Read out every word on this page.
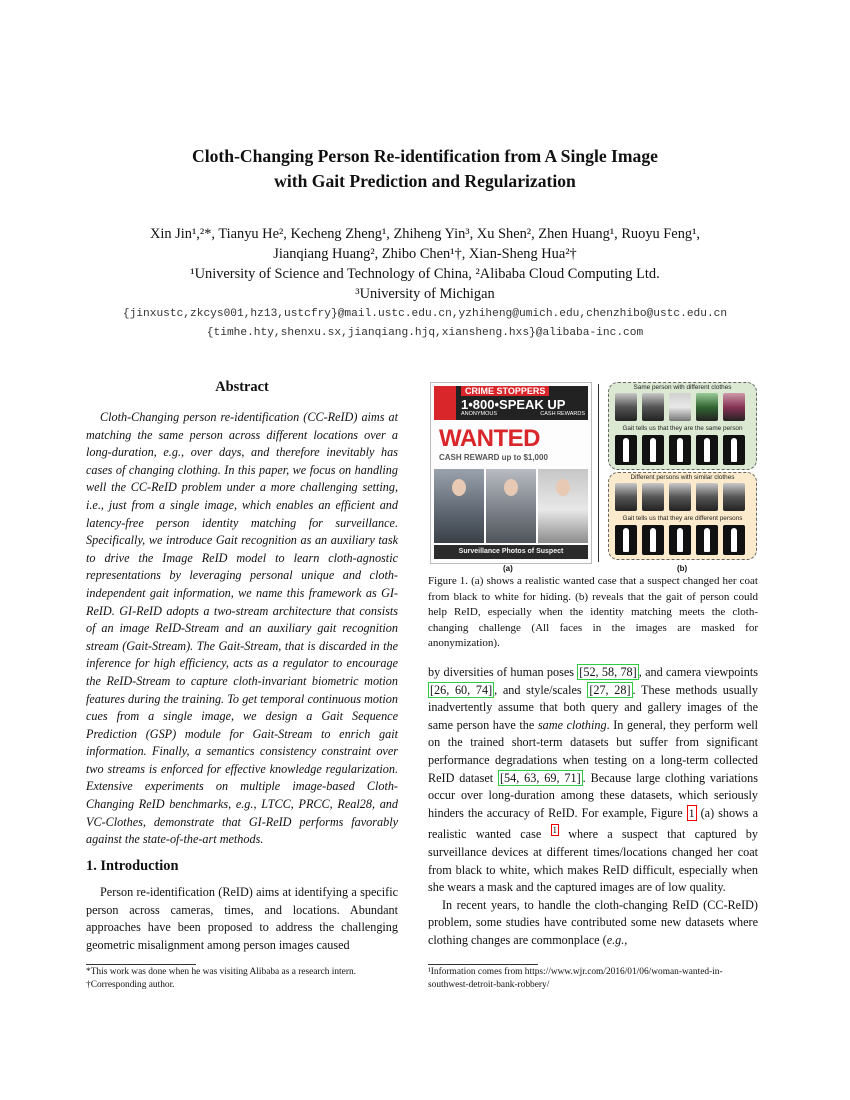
Cloth-Changing Person Re-identification from A Single Image
with Gait Prediction and Regularization
Xin Jin¹,²*, Tianyu He², Kecheng Zheng¹, Zhiheng Yin³, Xu Shen², Zhen Huang¹, Ruoyu Feng¹,
Jianqiang Huang², Zhibo Chen¹†, Xian-Sheng Hua²†
¹University of Science and Technology of China, ²Alibaba Cloud Computing Ltd.
³University of Michigan
{jinxustc,zkcys001,hz13,ustcfry}@mail.ustc.edu.cn,yzhiheng@umich.edu,chenzhibo@ustc.edu.cn
{timhe.hty,shenxu.sx,jianqiang.hjq,xiansheng.hxs}@alibaba-inc.com
Abstract
Cloth-Changing person re-identification (CC-ReID) aims at matching the same person across different locations over a long-duration, e.g., over days, and therefore inevitably has cases of changing clothing. In this paper, we focus on handling well the CC-ReID problem under a more challenging setting, i.e., just from a single image, which enables an efficient and latency-free person identity matching for surveillance. Specifically, we introduce Gait recognition as an auxiliary task to drive the Image ReID model to learn cloth-agnostic representations by leveraging personal unique and cloth-independent gait information, we name this framework as GI-ReID. GI-ReID adopts a two-stream architecture that consists of an image ReID-Stream and an auxiliary gait recognition stream (Gait-Stream). The Gait-Stream, that is discarded in the inference for high efficiency, acts as a regulator to encourage the ReID-Stream to capture cloth-invariant biometric motion features during the training. To get temporal continuous motion cues from a single image, we design a Gait Sequence Prediction (GSP) module for Gait-Stream to enrich gait information. Finally, a semantics consistency constraint over two streams is enforced for effective knowledge regularization. Extensive experiments on multiple image-based Cloth-Changing ReID benchmarks, e.g., LTCC, PRCC, Real28, and VC-Clothes, demonstrate that GI-ReID performs favorably against the state-of-the-art methods.
1. Introduction
Person re-identification (ReID) aims at identifying a specific person across cameras, times, and locations. Abundant approaches have been proposed to address the challenging geometric misalignment among person images caused
*This work was done when he was visiting Alibaba as a research intern.
†Corresponding author.
CRIME STOPPERS
1•800•SPEAK UP
ANONYMOUS	CASH REWARDS
WANTED
CASH REWARD up to $1,000
Surveillance Photos of Suspect
(a)
Same person with different clothes
Gait tells us that they are the same person
Different persons with similar clothes
Gait tells us that they are different persons
(b)
Figure 1. (a) shows a realistic wanted case that a suspect changed her coat from black to white for hiding. (b) reveals that the gait of person could help ReID, especially when the identity matching meets the cloth-changing challenge (All faces in the images are masked for anonymization).

by diversities of human poses [52, 58, 78] , and camera viewpoints [26, 60, 74] , and style/scales [27, 28] . These methods usually inadvertently assume that both query and gallery images of the same person have the same clothing. In general, they perform well on the trained short-term datasets but suffer from significant performance degradations when testing on a long-term collected ReID dataset [54, 63, 69, 71] . Because large clothing variations occur over long-duration among these datasets, which seriously hinders the accuracy of ReID. For example, Figure 1 (a) shows a realistic wanted case $^1$ where a suspect that captured by surveillance devices at different times/locations changed her coat from black to white, which makes ReID difficult, especially when she wears a mask and the captured images are of low quality.

In recent years, to handle the cloth-changing ReID (CC-ReID) problem, some studies have contributed some new datasets where clothing changes are commonplace (e.g.,

¹Information comes from https://www.wjr.com/2016/01/06/woman-wanted-in-southwest-detroit-bank-robbery/
